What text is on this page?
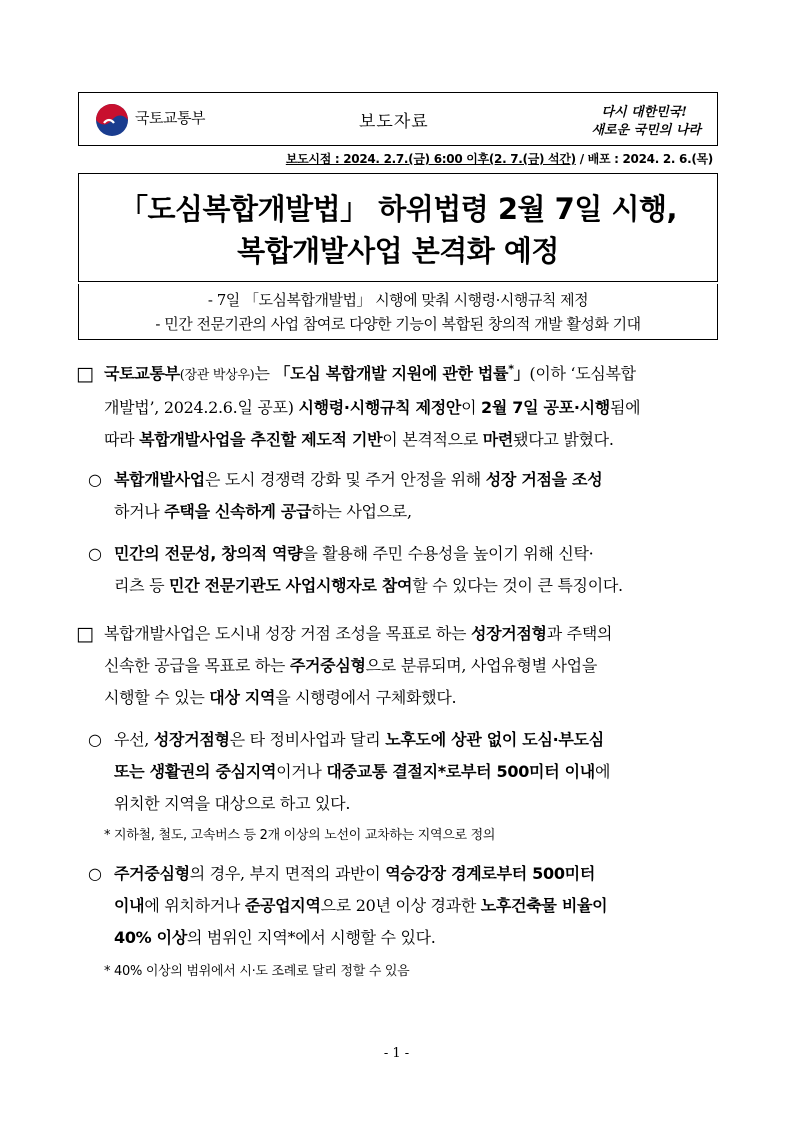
국토교통부	보도자료	다시 대한민국!
새로운 국민의 나라
보도시점 : 2024. 2.7.(금) 6:00 이후(2. 7.(금) 석간) / 배포 : 2024. 2. 6.(목)
「도심복합개발법」 하위법령 2월 7일 시행,
복합개발사업 본격화 예정
- 7일 「도심복합개발법」 시행에 맞춰 시행령·시행규칙 제정
- 민간 전문기관의 사업 참여로 다양한 기능이 복합된 창의적 개발 활성화 기대
□ 국토교통부(장관 박상우)는 「도심 복합개발 지원에 관한 법률*」(이하 ‘도심복합
개발법’, 2024.2.6.일 공포) 시행령·시행규칙 제정안이 2월 7일 공포·시행됨에
따라 복합개발사업을 추진할 제도적 기반이 본격적으로 마련됐다고 밝혔다.
○ 복합개발사업은 도시 경쟁력 강화 및 주거 안정을 위해 성장 거점을 조성
하거나 주택을 신속하게 공급하는 사업으로,
○ 민간의 전문성, 창의적 역량을 활용해 주민 수용성을 높이기 위해 신탁·
리츠 등 민간 전문기관도 사업시행자로 참여할 수 있다는 것이 큰 특징이다.
□ 복합개발사업은 도시내 성장 거점 조성을 목표로 하는 성장거점형과 주택의
신속한 공급을 목표로 하는 주거중심형으로 분류되며, 사업유형별 사업을
시행할 수 있는 대상 지역을 시행령에서 구체화했다.
○ 우선, 성장거점형은 타 정비사업과 달리 노후도에 상관 없이 도심·부도심
또는 생활권의 중심지역이거나 대중교통 결절지*로부터 500미터 이내에
위치한 지역을 대상으로 하고 있다.
* 지하철, 철도, 고속버스 등 2개 이상의 노선이 교차하는 지역으로 정의
○ 주거중심형의 경우, 부지 면적의 과반이 역승강장 경계로부터 500미터
이내에 위치하거나 준공업지역으로 20년 이상 경과한 노후건축물 비율이
40% 이상의 범위인 지역*에서 시행할 수 있다.
* 40% 이상의 범위에서 시·도 조례로 달리 정할 수 있음
- 1 -
